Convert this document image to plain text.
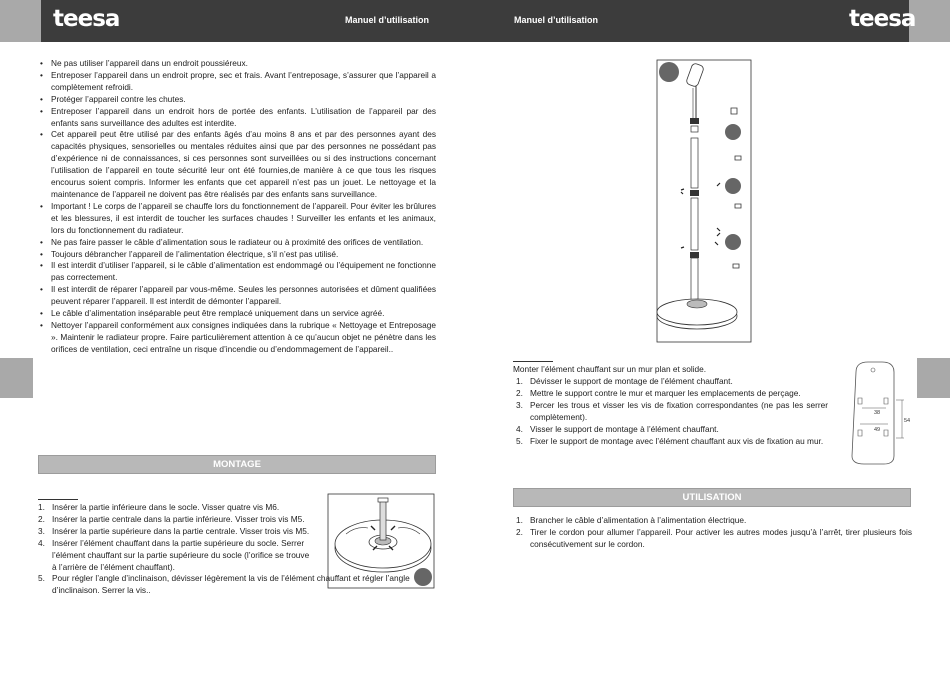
teesa	teesa
Manuel d’utilisation	Manuel d’utilisation
• Ne pas utiliser l’appareil dans un endroit poussiéreux.
• Entreposer l’appareil dans un endroit propre, sec et frais. Avant l’entreposage, s’assurer que l’appareil a complètement refroidi.
• Protéger l’appareil contre les chutes.
• Entreposer l’appareil dans un endroit hors de portée des enfants. L’utilisation de l’appareil par des enfants sans surveillance des adultes est interdite.
• Cet appareil peut être utilisé par des enfants âgés d’au moins 8 ans et par des personnes ayant des capacités physiques, sensorielles ou mentales réduites ainsi que par des personnes ne possédant pas d’expérience ni de connaissances, si ces personnes sont surveillées ou si des instructions concernant l’utilisation de l’appareil en toute sécurité leur ont été fournies,de manière à ce que tous les risques encourus soient compris. Informer les enfants que cet appareil n’est pas un jouet. Le nettoyage et la maintenance de l’appareil ne doivent pas être réalisés par des enfants sans surveillance.
• Important ! Le corps de l’appareil se chauffe lors du fonctionnement de l’appareil. Pour éviter les brûlures et les blessures, il est interdit de toucher les surfaces chaudes ! Surveiller les enfants et les animaux, lors du fonctionnement du radiateur.
• Ne pas faire passer le câble d’alimentation sous le radiateur ou à proximité des orifices de ventilation.
• Toujours débrancher l’appareil de l’alimentation électrique, s’il n’est pas utilisé.
• Il est interdit d’utiliser l’appareil, si le câble d’alimentation est endommagé ou l’équipement ne fonctionne pas correctement.
• Il est interdit de réparer l’appareil par vous-même. Seules les personnes autorisées et dûment qualifiées peuvent réparer l’appareil. Il est interdit de démonter l’appareil.
• Le câble d’alimentation inséparable peut être remplacé uniquement dans un service agréé.
• Nettoyer l’appareil conformément aux consignes indiquées dans la rubrique « Nettoyage et Entreposage ». Maintenir le radiateur propre. Faire particulièrement attention à ce qu’aucun objet ne pénètre dans les orifices de ventilation, ceci entraîne un risque d’incendie ou d’endommagement de l’appareil..
MONTAGE
1. Insérer la partie inférieure dans le socle. Visser quatre vis M6.
2. Insérer la partie centrale dans la partie inférieure. Visser trois vis M5.
3. Insérer la partie supérieure dans la partie centrale. Visser trois vis M5.
4. Insérer l’élément chauffant dans la partie supérieure du socle. Serrer l’élément chauffant sur la partie supérieure du socle (l’orifice se trouve à l’arrière de l’élément chauffant).
5. Pour régler l’angle d’inclinaison, dévisser légèrement la vis de l’élément chauffant et régler l’angle d’inclinaison. Serrer la vis..
Monter l’élément chauffant sur un mur plan et solide.
1. Dévisser le support de montage de l’élément chauffant.
2. Mettre le support contre le mur et marquer les emplacements de perçage.
3. Percer les trous et visser les vis de fixation correspondantes (ne pas les serrer complètement).
4. Visser le support de montage à l’élément chauffant.
5. Fixer le support de montage avec l’élément chauffant aux vis de fixation au mur.
38
49
54
UTILISATION
1. Brancher le câble d’alimentation à l’alimentation électrique.
2. Tirer le cordon pour allumer l’appareil. Pour activer les autres modes jusqu’à l’arrêt, tirer plusieurs fois consécutivement sur le cordon.
